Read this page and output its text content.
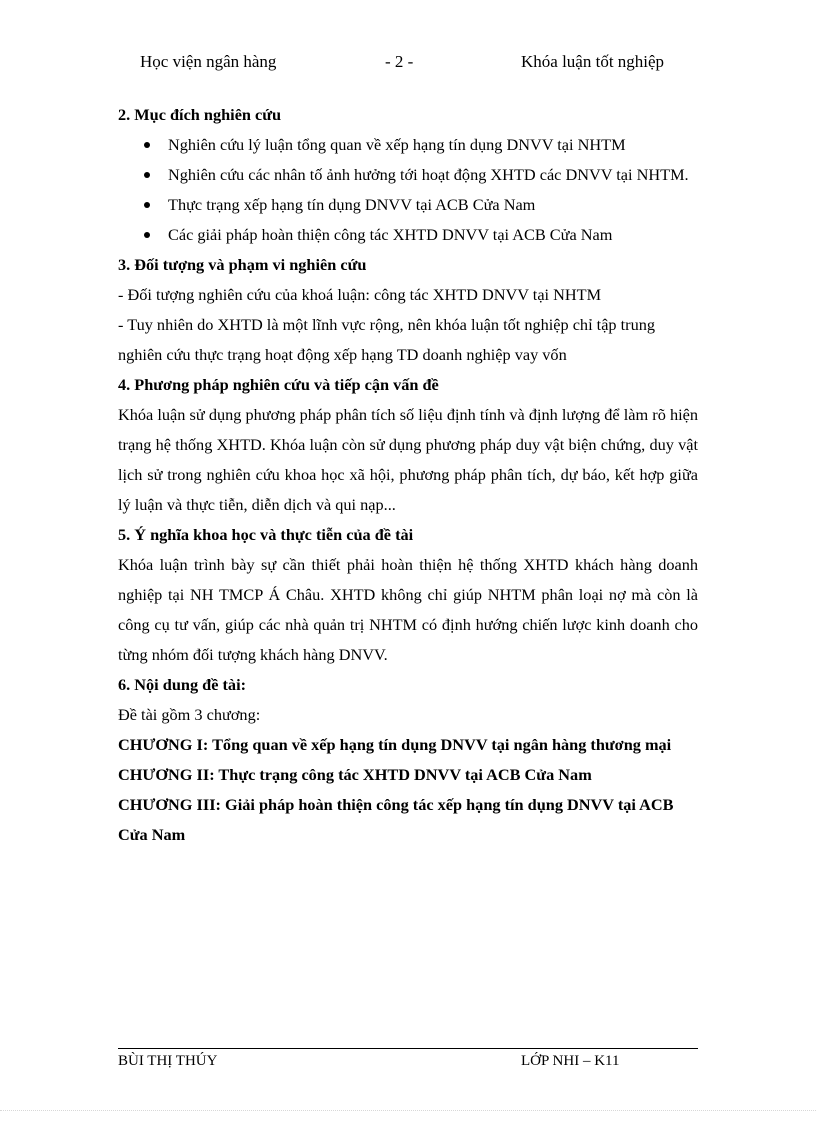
Học viện ngân hàng	- 2 -	Khóa luận tốt nghiệp
2. Mục đích nghiên cứu
Nghiên cứu lý luận tổng quan về xếp hạng tín dụng DNVV tại NHTM
Nghiên cứu các nhân tố ảnh hưởng tới hoạt động XHTD các DNVV tại NHTM.
Thực trạng xếp hạng tín dụng DNVV tại ACB Cửa Nam
Các giải pháp hoàn thiện công tác XHTD DNVV tại ACB Cửa Nam
3. Đối tượng và phạm vi nghiên cứu
- Đối tượng nghiên cứu của khoá luận: công tác XHTD DNVV tại NHTM
- Tuy nhiên do XHTD là một lĩnh vực rộng, nên khóa luận tốt nghiệp chỉ tập trung
nghiên cứu thực trạng hoạt động xếp hạng TD doanh nghiệp vay vốn
4. Phương pháp nghiên cứu và tiếp cận vấn đề

Khóa luận sử dụng phương pháp phân tích số liệu định tính và định lượng để làm rõ hiện trạng hệ thống XHTD. Khóa luận còn sử dụng phương pháp duy vật biện chứng, duy vật lịch sử trong nghiên cứu khoa học xã hội, phương pháp phân tích, dự báo, kết hợp giữa lý luận và thực tiễn, diễn dịch và qui nạp...

5. Ý nghĩa khoa học và thực tiễn của đề tài

Khóa luận trình bày sự cần thiết phải hoàn thiện hệ thống XHTD khách hàng doanh nghiệp tại NH TMCP Á Châu. XHTD không chỉ giúp NHTM phân loại nợ mà còn là công cụ tư vấn, giúp các nhà quản trị NHTM có định hướng chiến lược kinh doanh cho từng nhóm đối tượng khách hàng DNVV.

6. Nội dung đề tài:
Đề tài gồm 3 chương:
CHƯƠNG I: Tổng quan về xếp hạng tín dụng DNVV tại ngân hàng thương mại
CHƯƠNG II: Thực trạng công tác XHTD DNVV tại ACB Cửa Nam
CHƯƠNG III: Giải pháp hoàn thiện công tác xếp hạng tín dụng DNVV tại ACB Cửa Nam
BÙI THỊ THÚY	LỚP NHI – K11
